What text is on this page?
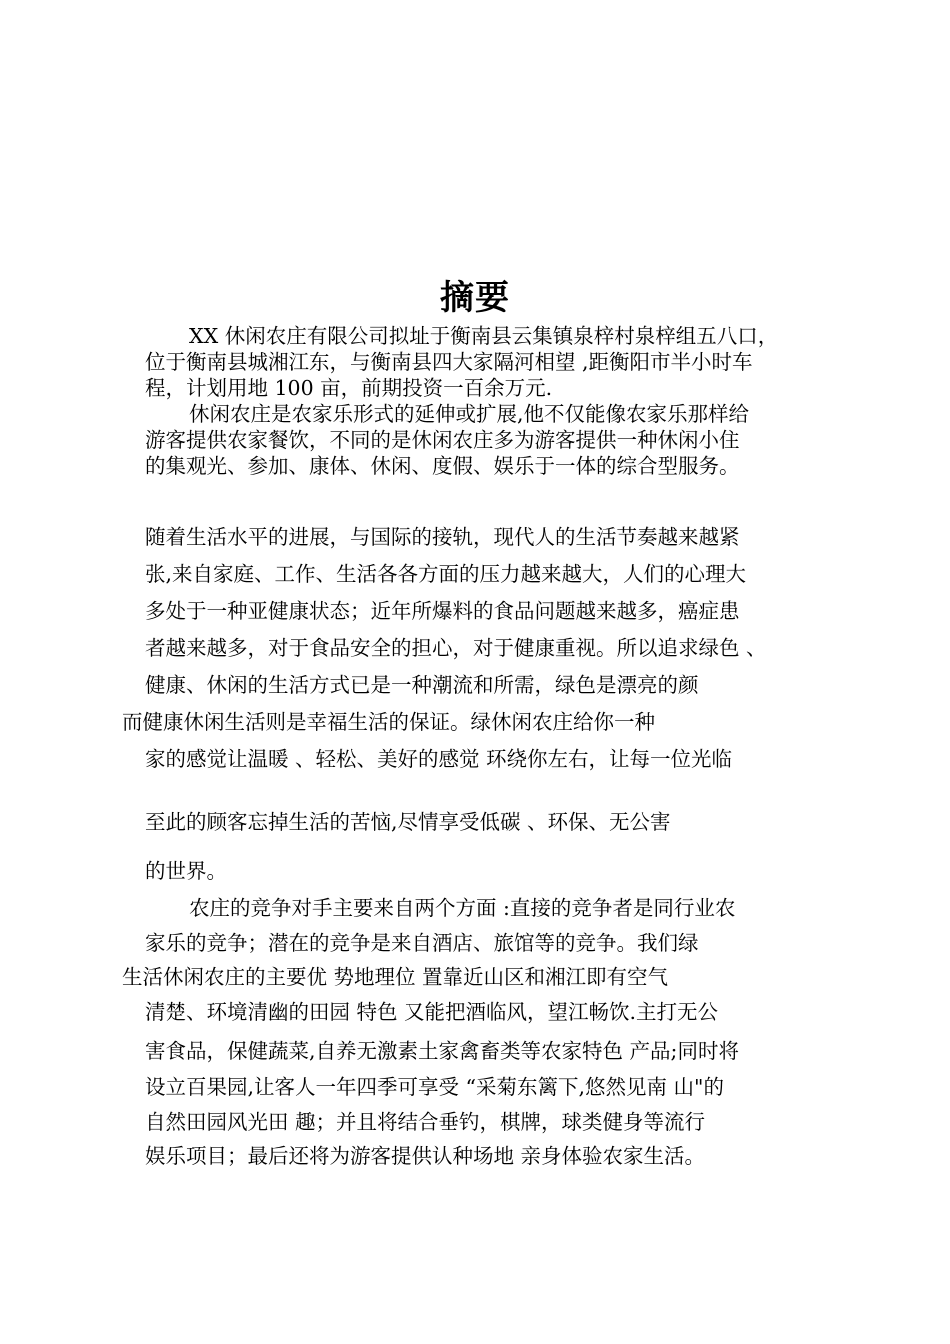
摘要
XX 休闲农庄有限公司拟址于衡南县云集镇泉梓村泉梓组五八口，
位于衡南县城湘江东，与衡南县四大家隔河相望 ,距衡阳市半小时车
程，计划用地 100 亩，前期投资一百余万元.
休闲农庄是农家乐形式的延伸或扩展,他不仅能像农家乐那样给
游客提供农家餐饮，不同的是休闲农庄多为游客提供一种休闲小住
的集观光、参加、康体、休闲、度假、娱乐于一体的综合型服务。
随着生活水平的进展，与国际的接轨，现代人的生活节奏越来越紧
张,来自家庭、工作、生活各各方面的压力越来越大，人们的心理大
多处于一种亚健康状态；近年所爆料的食品问题越来越多，癌症患
者越来越多，对于食品安全的担心，对于健康重视。所以追求绿色 、
健康、休闲的生活方式已是一种潮流和所需，绿色是漂亮的颜
而健康休闲生活则是幸福生活的保证。绿休闲农庄给你一种
家的感觉让温暖 、轻松、美好的感觉 环绕你左右，让每一位光临
至此的顾客忘掉生活的苦恼,尽情享受低碳 、环保、无公害
的世界。
农庄的竞争对手主要来自两个方面 :直接的竞争者是同行业农
家乐的竞争；潜在的竞争是来自酒店、旅馆等的竞争。我们绿
生活休闲农庄的主要优 势地理位 置靠近山区和湘江即有空气
清楚、环境清幽的田园 特色 又能把酒临风，望江畅饮.主打无公
害食品，保健蔬菜,自养无激素土家禽畜类等农家特色 产品;同时将
设立百果园,让客人一年四季可享受 “采菊东篱下,悠然见南 山"的
自然田园风光田 趣；并且将结合垂钓，棋牌，球类健身等流行
娱乐项目；最后还将为游客提供认种场地 亲身体验农家生活。
